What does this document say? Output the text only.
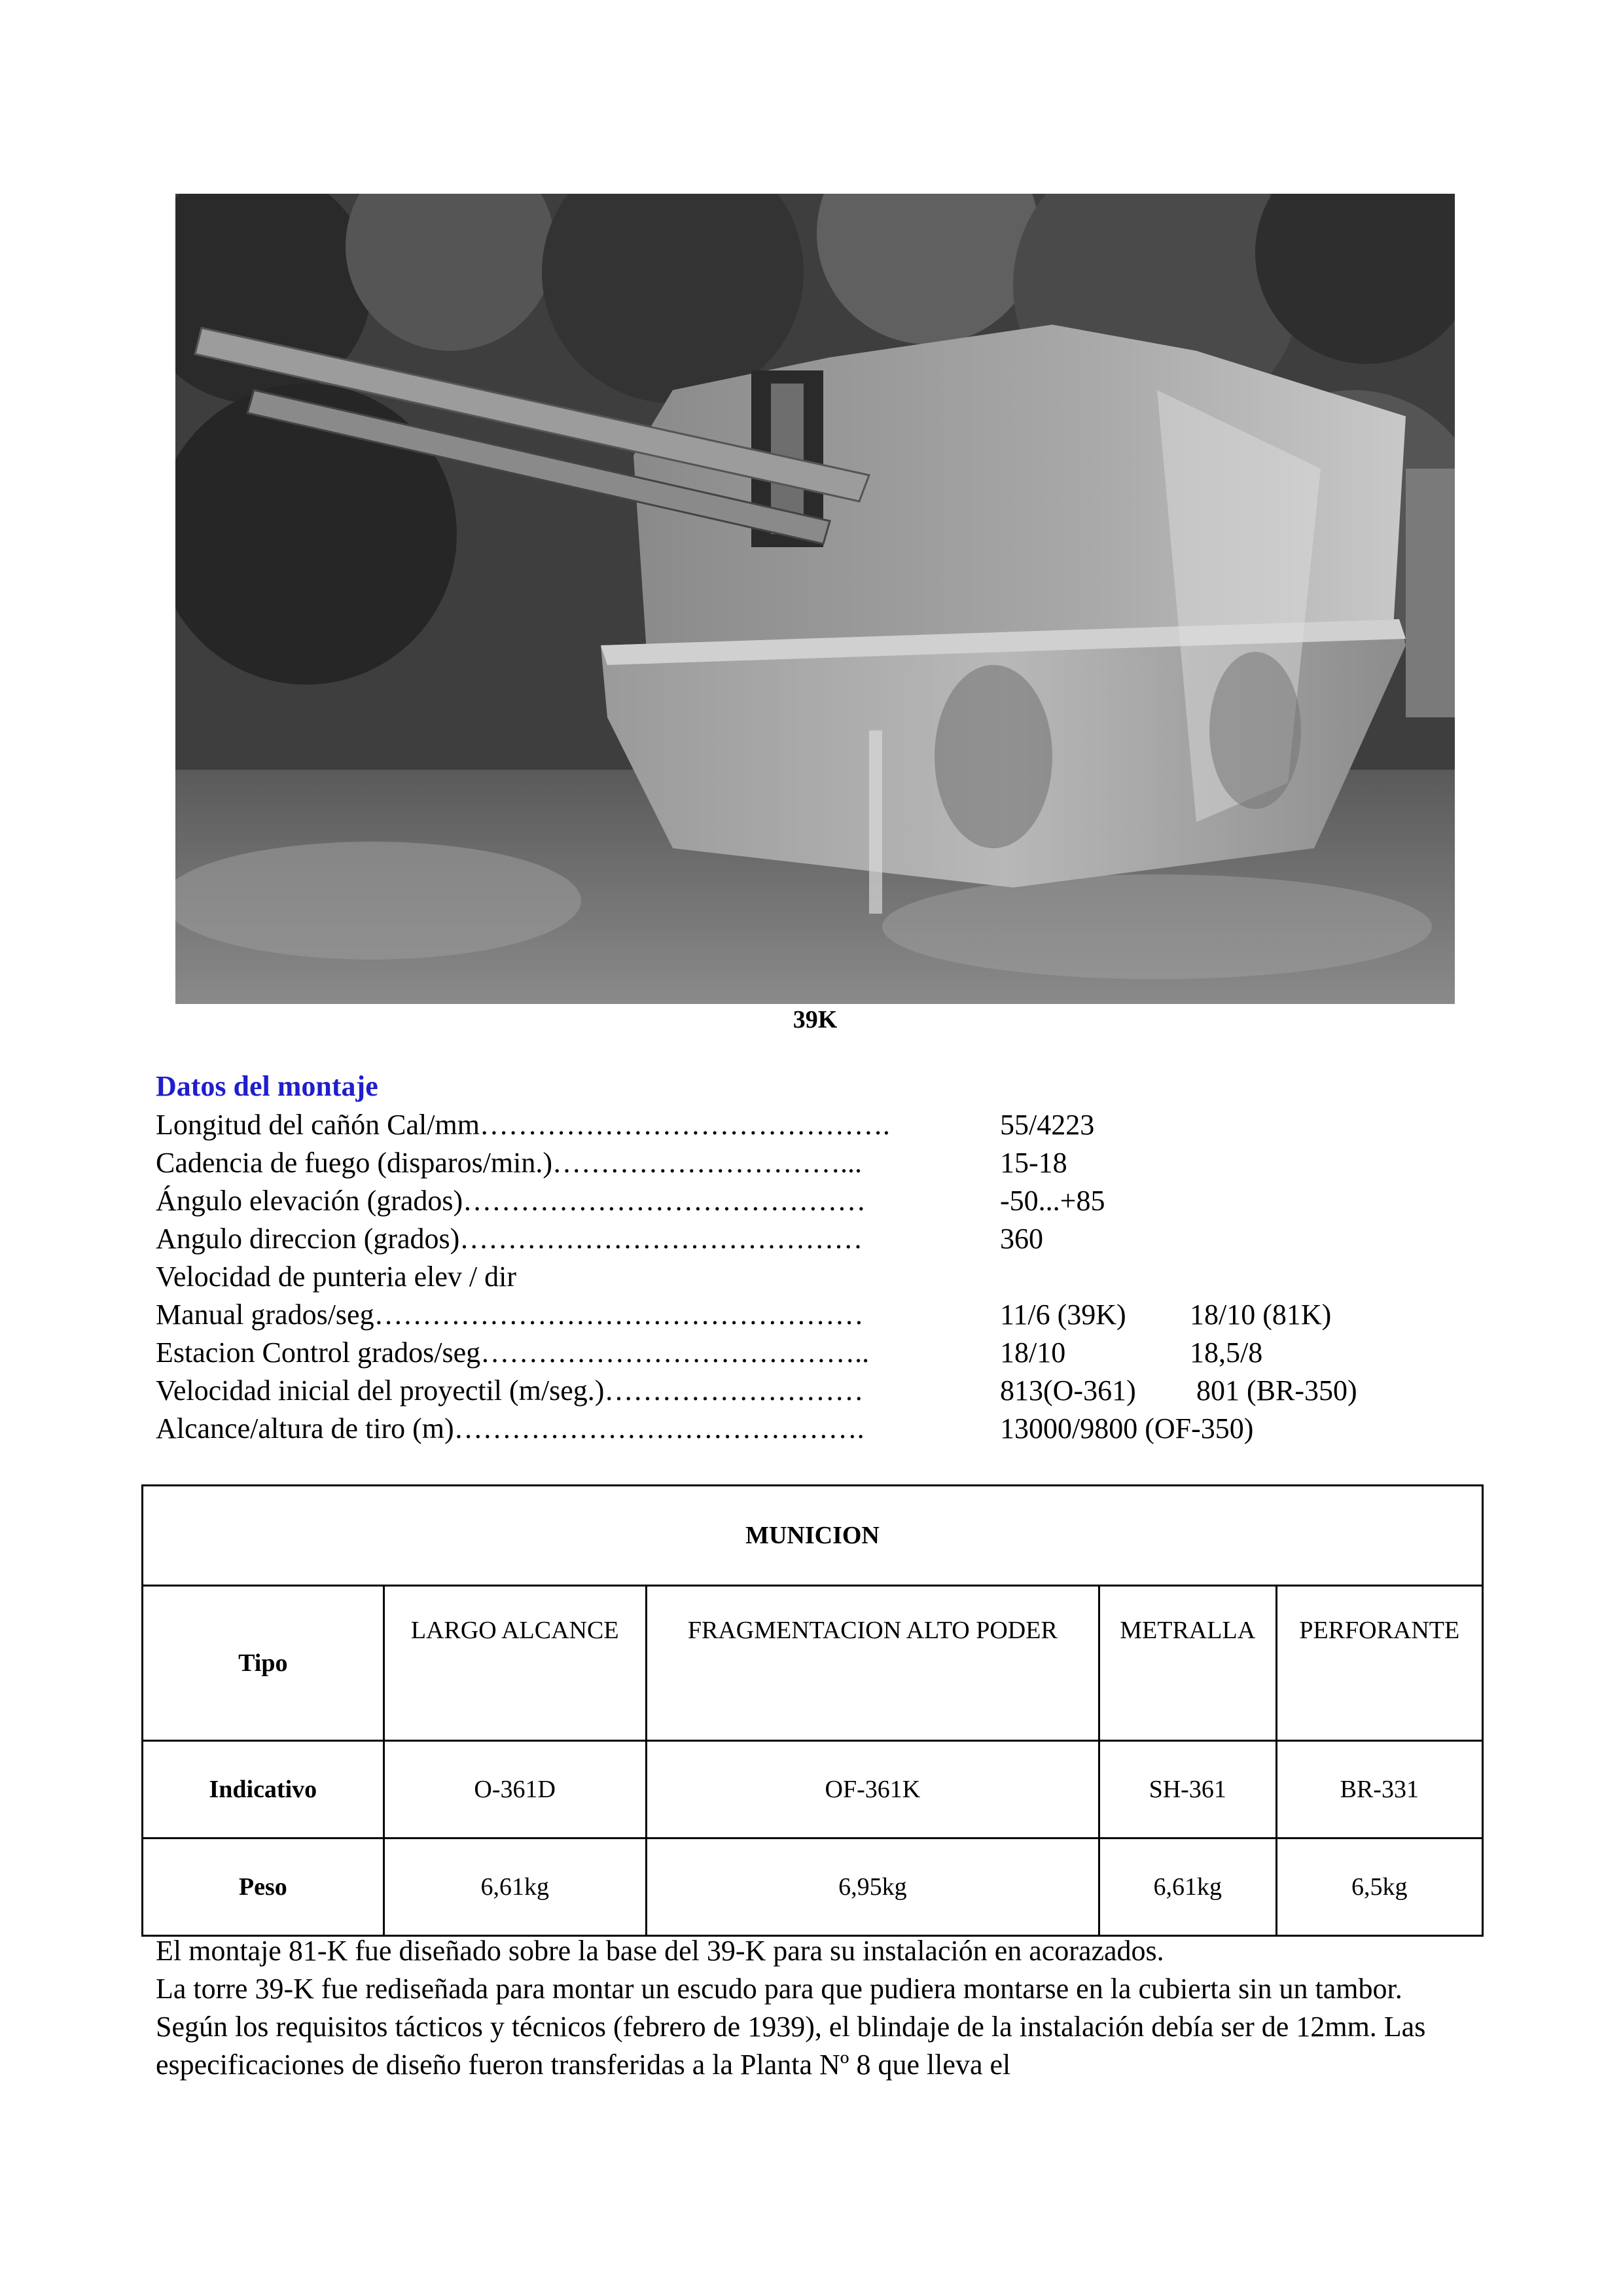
39K
Datos del montaje
Longitud del cañón Cal/mm…………………………………….	55/4223
Cadencia de fuego (disparos/min.)…………………………...	15-18
Ángulo elevación (grados)……………………………………	-50...+85
Angulo direccion (grados)……………………………………	360
Velocidad de punteria elev / dir
Manual grados/seg……………………………………………	11/6 (39K) 18/10 (81K)
Estacion Control grados/seg…………………………………..	18/10	18,5/8
Velocidad inicial del proyectil (m/seg.)………………………	813(O-361) 801 (BR-350)
Alcance/altura de tiro (m)…………………………………….	13000/9800 (OF-350)
MUNICION				
Tipo	LARGO ALCANCE	FRAGMENTACION ALTO PODER	METRALLA	PERFORANTE
Indicativo	O-361D	OF-361K	SH-361	BR-331
Peso	6,61kg	6,95kg	6,61kg	6,5kg

El montaje 81-K fue diseñado sobre la base del 39-K para su instalación en acorazados.

La torre 39-K fue rediseñada para montar un escudo para que pudiera montarse en la cubierta sin un tambor. Según los requisitos tácticos y técnicos (febrero de 1939), el blindaje de la instalación debía ser de 12mm. Las especificaciones de diseño fueron transferidas a la Planta Nº 8 que lleva el
